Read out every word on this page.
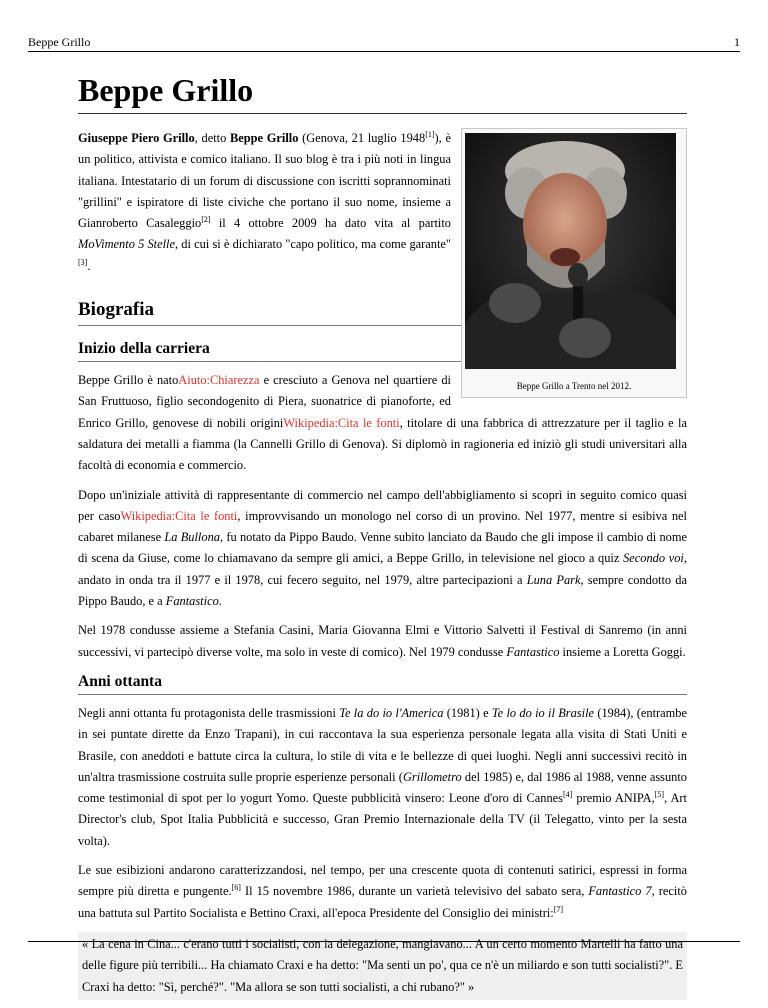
Beppe Grillo	1
Beppe Grillo
Beppe Grillo a Trento nel 2012.

Giuseppe Piero Grillo, detto Beppe Grillo (Genova, 21 luglio 1948[1]), è un politico, attivista e comico italiano. Il suo blog è tra i più noti in lingua italiana. Intestatario di un forum di discussione con iscritti soprannominati "grillini" e ispiratore di liste civiche che portano il suo nome, insieme a Gianroberto Casaleggio[2] il 4 ottobre 2009 ha dato vita al partito MoVimento 5 Stelle, di cui si è dichiarato "capo politico, ma come garante"[3].

Biografia
Inizio della carriera

Beppe Grillo è natoAiuto:Chiarezza e cresciuto a Genova nel quartiere di San Fruttuoso, figlio secondogenito di Piera, suonatrice di pianoforte, ed Enrico Grillo, genovese di nobili originiWikipedia:Cita le fonti, titolare di una fabbrica di attrezzature per il taglio e la saldatura dei metalli a fiamma (la Cannelli Grillo di Genova). Si diplomò in ragioneria ed iniziò gli studi universitari alla facoltà di economia e commercio.

Dopo un'iniziale attività di rappresentante di commercio nel campo dell'abbigliamento si scoprì in seguito comico quasi per casoWikipedia:Cita le fonti, improvvisando un monologo nel corso di un provino. Nel 1977, mentre si esibiva nel cabaret milanese La Bullona, fu notato da Pippo Baudo. Venne subito lanciato da Baudo che gli impose il cambio di nome di scena da Giuse, come lo chiamavano da sempre gli amici, a Beppe Grillo, in televisione nel gioco a quiz Secondo voi, andato in onda tra il 1977 e il 1978, cui fecero seguito, nel 1979, altre partecipazioni a Luna Park, sempre condotto da Pippo Baudo, e a Fantastico.

Nel 1978 condusse assieme a Stefania Casini, Maria Giovanna Elmi e Vittorio Salvetti il Festival di Sanremo (in anni successivi, vi partecipò diverse volte, ma solo in veste di comico). Nel 1979 condusse Fantastico insieme a Loretta Goggi.

Anni ottanta

Negli anni ottanta fu protagonista delle trasmissioni Te la do io l'America (1981) e Te lo do io il Brasile (1984), (entrambe in sei puntate dirette da Enzo Trapani), in cui raccontava la sua esperienza personale legata alla visita di Stati Uniti e Brasile, con aneddoti e battute circa la cultura, lo stile di vita e le bellezze di quei luoghi. Negli anni successivi recitò in un'altra trasmissione costruita sulle proprie esperienze personali (Grillometro del 1985) e, dal 1986 al 1988, venne assunto come testimonial di spot per lo yogurt Yomo. Queste pubblicità vinsero: Leone d'oro di Cannes[4] premio ANIPA,[5], Art Director's club, Spot Italia Pubblicità e successo, Gran Premio Internazionale della TV (il Telegatto, vinto per la sesta volta).

Le sue esibizioni andarono caratterizzandosi, nel tempo, per una crescente quota di contenuti satirici, espressi in forma sempre più diretta e pungente.[6] Il 15 novembre 1986, durante un varietà televisivo del sabato sera, Fantastico 7, recitò una battuta sul Partito Socialista e Bettino Craxi, all'epoca Presidente del Consiglio dei ministri:[7]

« La cena in Cina... c'erano tutti i socialisti, con la delegazione, mangiavano... A un certo momento Martelli ha fatto una delle figure più terribili... Ha chiamato Craxi e ha detto: "Ma senti un po', qua ce n'è un miliardo e son tutti socialisti?". E Craxi ha detto: "Sì, perché?". "Ma allora se son tutti socialisti, a chi rubano?" »
